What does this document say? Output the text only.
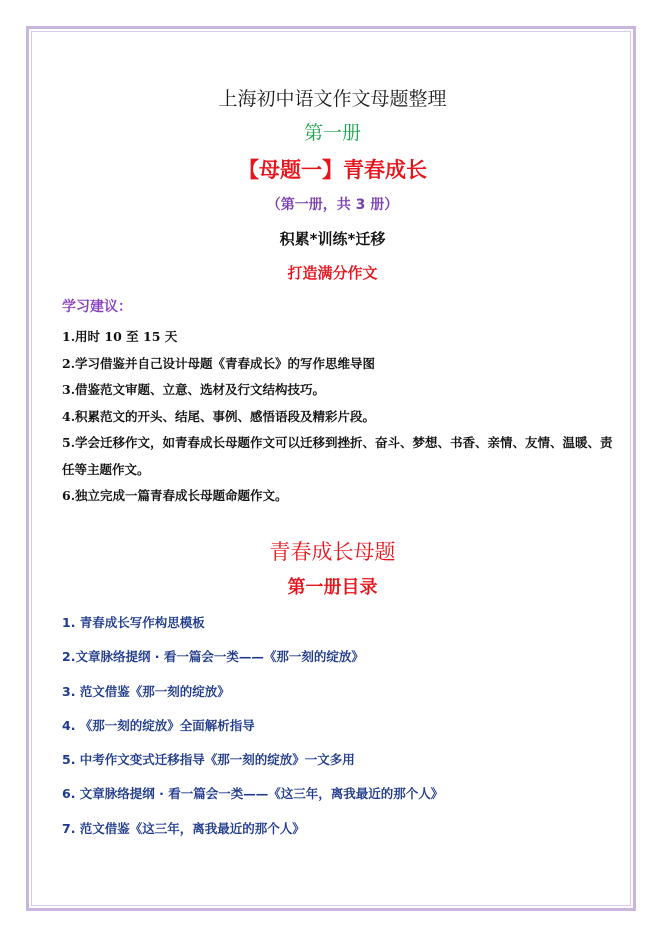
上海初中语文作文母题整理
第一册
【母题一】青春成长
（第一册，共 3 册）
积累*训练*迁移
打造满分作文
学习建议：
1.用时 10 至 15 天
2.学习借鉴并自己设计母题《青春成长》的写作思维导图
3.借鉴范文审题、立意、选材及行文结构技巧。
4.积累范文的开头、结尾、事例、感悟语段及精彩片段。
5.学会迁移作文，如青春成长母题作文可以迁移到挫折、奋斗、梦想、书香、亲情、友情、温暖、责任等主题作文。
6.独立完成一篇青春成长母题命题作文。
青春成长母题
第一册目录
1. 青春成长写作构思模板
2.文章脉络提纲 · 看一篇会一类——《那一刻的绽放》
3. 范文借鉴《那一刻的绽放》
4. 《那一刻的绽放》全面解析指导
5. 中考作文变式迁移指导《那一刻的绽放》一文多用
6. 文章脉络提纲 · 看一篇会一类——《这三年，离我最近的那个人》
7. 范文借鉴《这三年，离我最近的那个人》
